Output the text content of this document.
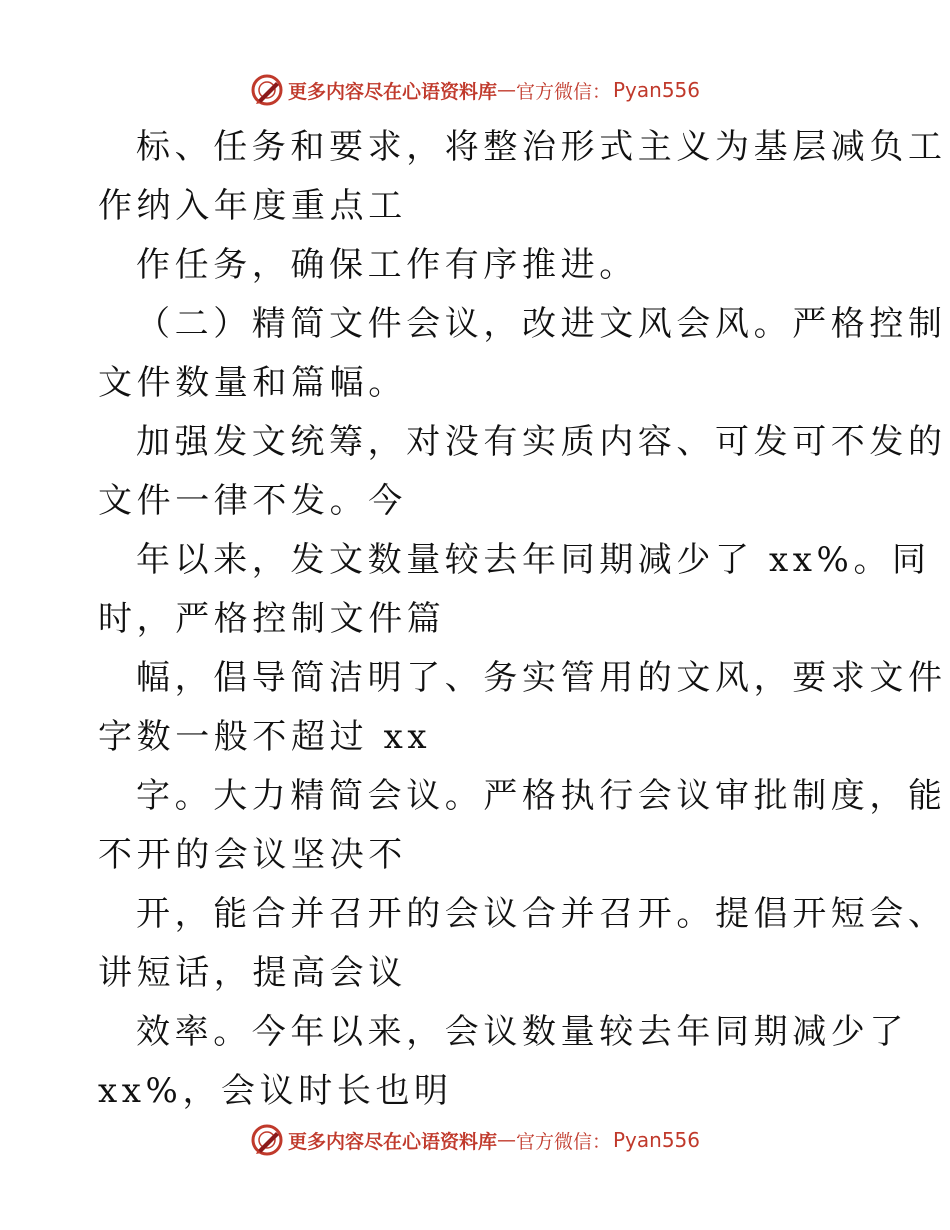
更多内容尽在心语资料库 — 官方微信： Pyan556
标、任务和要求，将整治形式主义为基层减负工
作纳入年度重点工
作任务，确保工作有序推进。
（二）精简文件会议，改进文风会风。严格控制
文件数量和篇幅。
加强发文统筹，对没有实质内容、可发可不发的
文件一律不发。今
年以来，发文数量较去年同期减少了 xx%。同
时，严格控制文件篇
幅，倡导简洁明了、务实管用的文风，要求文件
字数一般不超过 xx
字。大力精简会议。严格执行会议审批制度，能
不开的会议坚决不
开，能合并召开的会议合并召开。提倡开短会、
讲短话，提高会议
效率。今年以来，会议数量较去年同期减少了
xx%，会议时长也明
更多内容尽在心语资料库 — 官方微信： Pyan556
